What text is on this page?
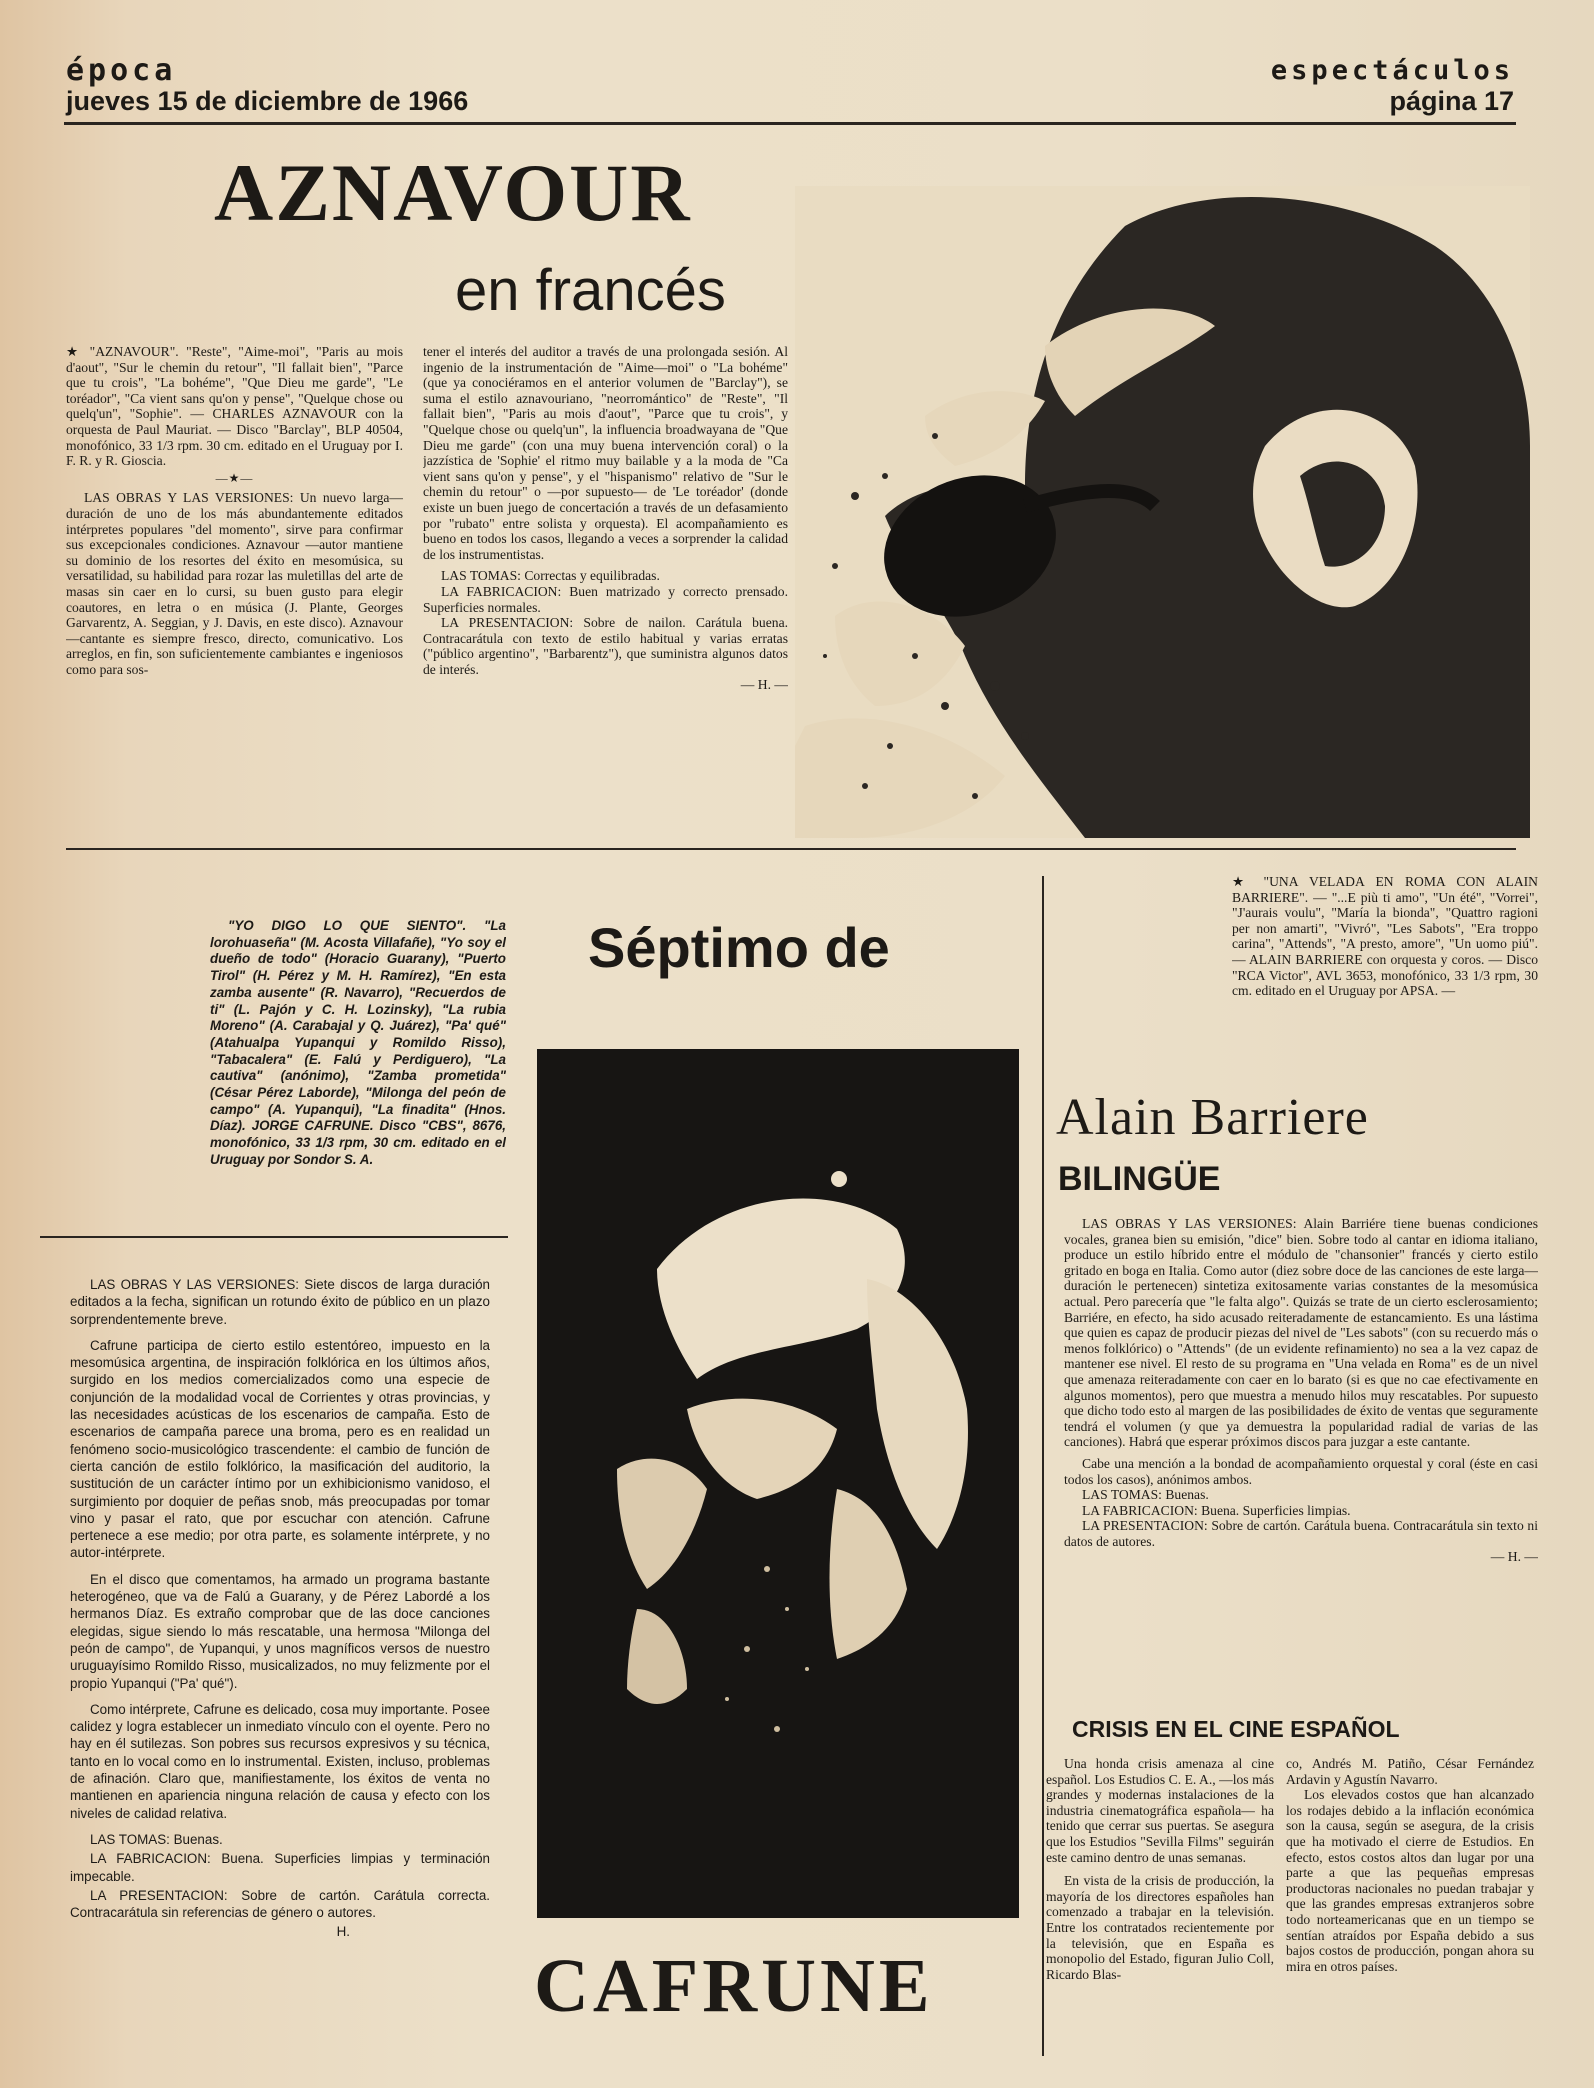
época
jueves 15 de diciembre de 1966
espectáculos
página 17
AZNAVOUR
en francés

★ "AZNAVOUR". "Reste", "Aime-moi", "Paris au mois d'aout", "Sur le chemin du retour", "Il fallait bien", "Parce que tu crois", "La bohéme", "Que Dieu me garde", "Le toréador", "Ca vient sans qu'on y pense", "Quelque chose ou quelq'un", "Sophie". — CHARLES AZNAVOUR con la orquesta de Paul Mauriat. — Disco "Barclay", BLP 40504, monofónico, 33 1/3 rpm. 30 cm. editado en el Uruguay por I. F. R. y R. Gioscia.

—★—

LAS OBRAS Y LAS VERSIONES: Un nuevo larga—duración de uno de los más abundantemente editados intérpretes populares "del momento", sirve para confirmar sus excepcionales condiciones. Aznavour —autor mantiene su dominio de los resortes del éxito en mesomúsica, su versatilidad, su habilidad para rozar las muletillas del arte de masas sin caer en lo cursi, su buen gusto para elegir coautores, en letra o en música (J. Plante, Georges Garvarentz, A. Seggian, y J. Davis, en este disco). Aznavour—cantante es siempre fresco, directo, comunicativo. Los arreglos, en fin, son suficientemente cambiantes e ingeniosos como para sos-

tener el interés del auditor a través de una prolongada sesión. Al ingenio de la instrumentación de "Aime—moi" o "La bohéme" (que ya conociéramos en el anterior volumen de "Barclay"), se suma el estilo aznavouriano, "neorromántico" de "Reste", "Il fallait bien", "Paris au mois d'aout", "Parce que tu crois", y "Quelque chose ou quelq'un", la influencia broadwayana de "Que Dieu me garde" (con una muy buena intervención coral) o la jazzística de 'Sophie' el ritmo muy bailable y a la moda de "Ca vient sans qu'on y pense", y el "hispanismo" relativo de "Sur le chemin du retour" o —por supuesto— de 'Le toréador' (donde existe un buen juego de concertación a través de un defasamiento por "rubato" entre solista y orquesta). El acompañamiento es bueno en todos los casos, llegando a veces a sorprender la calidad de los instrumentistas.

LAS TOMAS: Correctas y equilibradas.

LA FABRICACION: Buen matrizado y correcto prensado. Superficies normales.

LA PRESENTACION: Sobre de nailon. Carátula buena. Contracarátula con texto de estilo habitual y varias erratas ("público argentino", "Barbarentz"), que suministra algunos datos de interés.

— H. —

"YO DIGO LO QUE SIENTO". "La lorohuaseña" (M. Acosta Villafañe), "Yo soy el dueño de todo" (Horacio Guarany), "Puerto Tirol" (H. Pérez y M. H. Ramírez), "En esta zamba ausente" (R. Navarro), "Recuerdos de ti" (L. Pajón y C. H. Lozinsky), "La rubia Moreno" (A. Carabajal y Q. Juárez), "Pa' qué" (Atahualpa Yupanqui y Romildo Risso), "Tabacalera" (E. Falú y Perdiguero), "La cautiva" (anónimo), "Zamba prometida" (César Pérez Laborde), "Milonga del peón de campo" (A. Yupanqui), "La finadita" (Hnos. Díaz). JORGE CAFRUNE. Disco "CBS", 8676, monofónico, 33 1/3 rpm, 30 cm. editado en el Uruguay por Sondor S. A.

Séptimo de
CAFRUNE

LAS OBRAS Y LAS VERSIONES: Siete discos de larga duración editados a la fecha, significan un rotundo éxito de público en un plazo sorprendentemente breve.

Cafrune participa de cierto estilo estentóreo, impuesto en la mesomúsica argentina, de inspiración folklórica en los últimos años, surgido en los medios comercializados como una especie de conjunción de la modalidad vocal de Corrientes y otras provincias, y las necesidades acústicas de los escenarios de campaña. Esto de escenarios de campaña parece una broma, pero es en realidad un fenómeno socio-musicológico trascendente: el cambio de función de cierta canción de estilo folklórico, la masificación del auditorio, la sustitución de un carácter íntimo por un exhibicionismo vanidoso, el surgimiento por doquier de peñas snob, más preocupadas por tomar vino y pasar el rato, que por escuchar con atención. Cafrune pertenece a ese medio; por otra parte, es solamente intérprete, y no autor-intérprete.

En el disco que comentamos, ha armado un programa bastante heterogéneo, que va de Falú a Guarany, y de Pérez Labordé a los hermanos Díaz. Es extraño comprobar que de las doce canciones elegidas, sigue siendo lo más rescatable, una hermosa "Milonga del peón de campo", de Yupanqui, y unos magníficos versos de nuestro uruguayísimo Romildo Risso, musicalizados, no muy felizmente por el propio Yupanqui ("Pa' qué").

Como intérprete, Cafrune es delicado, cosa muy importante. Posee calidez y logra establecer un inmediato vínculo con el oyente. Pero no hay en él sutilezas. Son pobres sus recursos expresivos y su técnica, tanto en lo vocal como en lo instrumental. Existen, incluso, problemas de afinación. Claro que, manifiestamente, los éxitos de venta no mantienen en apariencia ninguna relación de causa y efecto con los niveles de calidad relativa.

LAS TOMAS: Buenas.

LA FABRICACION: Buena. Superficies limpias y terminación impecable.

LA PRESENTACION: Sobre de cartón. Carátula correcta. Contracarátula sin referencias de género o autores.

H.

★ "UNA VELADA EN ROMA CON ALAIN BARRIERE". — "...E più ti amo", "Un été", "Vorrei", "J'aurais voulu", "María la bionda", "Quattro ragioni per non amarti", "Vivró", "Les Sabots", "Era troppo carina", "Attends", "A presto, amore", "Un uomo piú". — ALAIN BARRIERE con orquesta y coros. — Disco "RCA Victor", AVL 3653, monofónico, 33 1/3 rpm, 30 cm. editado en el Uruguay por APSA. —

Alain Barriere
BILINGÜE

LAS OBRAS Y LAS VERSIONES: Alain Barriére tiene buenas condiciones vocales, granea bien su emisión, "dice" bien. Sobre todo al cantar en idioma italiano, produce un estilo híbrido entre el módulo de "chansonier" francés y cierto estilo gritado en boga en Italia. Como autor (diez sobre doce de las canciones de este larga—duración le pertenecen) sintetiza exitosamente varias constantes de la mesomúsica actual. Pero parecería que "le falta algo". Quizás se trate de un cierto esclerosamiento; Barriére, en efecto, ha sido acusado reiteradamente de estancamiento. Es una lástima que quien es capaz de producir piezas del nivel de "Les sabots" (con su recuerdo más o menos folklórico) o "Attends" (de un evidente refinamiento) no sea a la vez capaz de mantener ese nivel. El resto de su programa en "Una velada en Roma" es de un nivel que amenaza reiteradamente con caer en lo barato (si es que no cae efectivamente en algunos momentos), pero que muestra a menudo hilos muy rescatables. Por supuesto que dicho todo esto al margen de las posibilidades de éxito de ventas que seguramente tendrá el volumen (y que ya demuestra la popularidad radial de varias de las canciones). Habrá que esperar próximos discos para juzgar a este cantante.

Cabe una mención a la bondad de acompañamiento orquestal y coral (éste en casi todos los casos), anónimos ambos.

LAS TOMAS: Buenas.

LA FABRICACION: Buena. Superficies limpias.

LA PRESENTACION: Sobre de cartón. Carátula buena. Contracarátula sin texto ni datos de autores.

— H. —
CRISIS EN EL CINE ESPAÑOL

Una honda crisis amenaza al cine español. Los Estudios C. E. A., —los más grandes y modernas instalaciones de la industria cinematográfica española— ha tenido que cerrar sus puertas. Se asegura que los Estudios "Sevilla Films" seguirán este camino dentro de unas semanas.

En vista de la crisis de producción, la mayoría de los directores españoles han comenzado a trabajar en la televisión. Entre los contratados recientemente por la televisión, que en España es monopolio del Estado, figuran Julio Coll, Ricardo Blas-

co, Andrés M. Patiño, César Fernández Ardavin y Agustín Navarro.

Los elevados costos que han alcanzado los rodajes debido a la inflación económica son la causa, según se asegura, de la crisis que ha motivado el cierre de Estudios. En efecto, estos costos altos dan lugar por una parte a que las pequeñas empresas productoras nacionales no puedan trabajar y que las grandes empresas extranjeros sobre todo norteamericanas que en un tiempo se sentían atraídos por España debido a sus bajos costos de producción, pongan ahora su mira en otros países.
